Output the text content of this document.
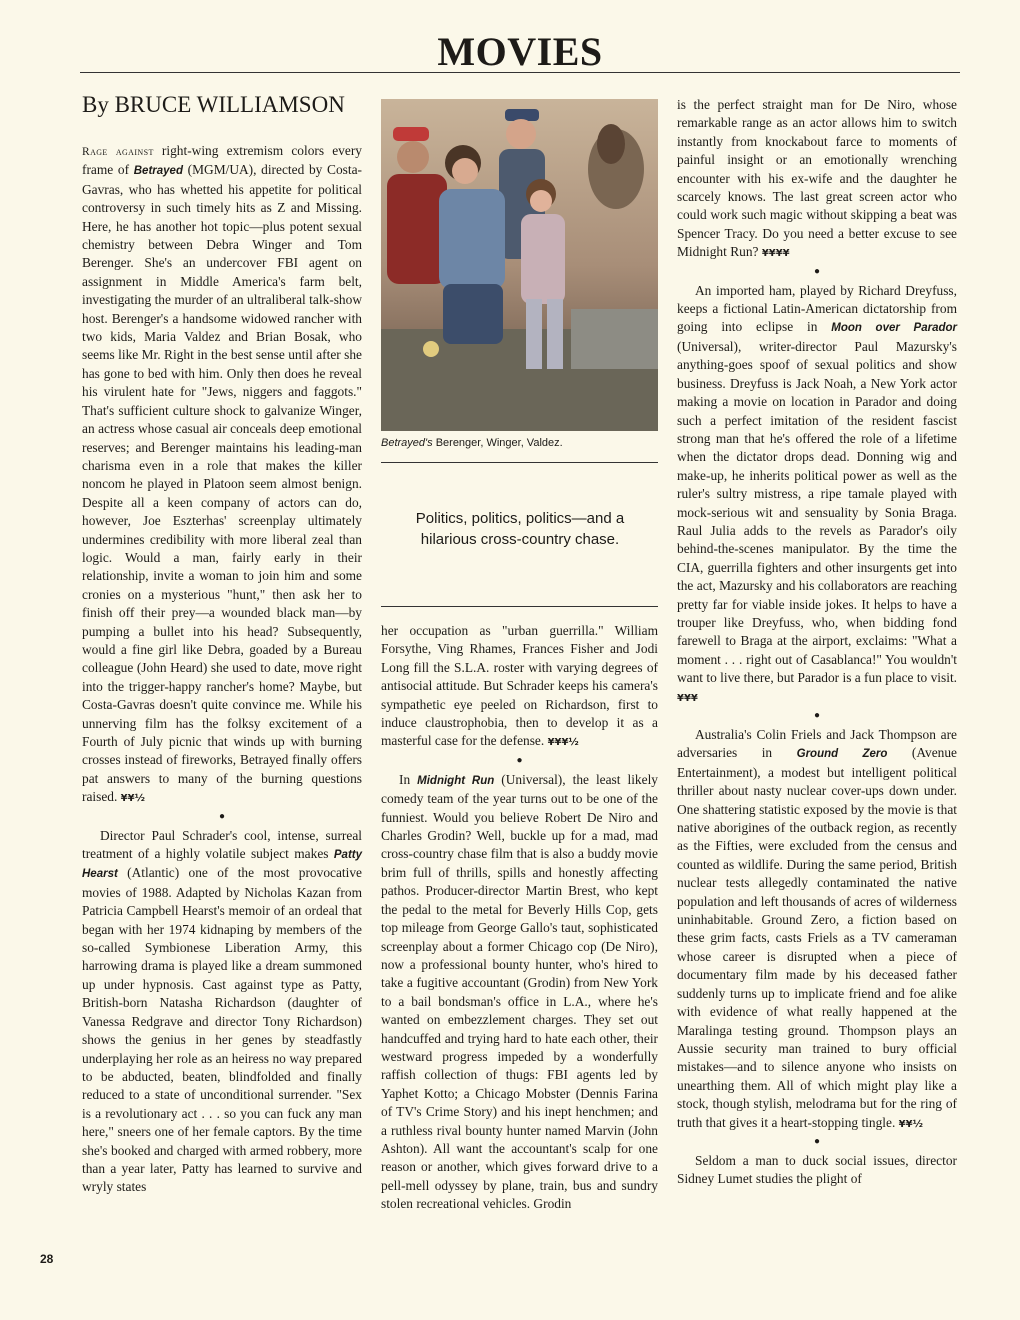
MOVIES
By BRUCE WILLIAMSON

Rage against right-wing extremism colors every frame of Betrayed (MGM/UA), directed by Costa-Gavras, who has whetted his appetite for political controversy in such timely hits as Z and Missing. Here, he has another hot topic—plus potent sexual chemistry between Debra Winger and Tom Berenger. She's an undercover FBI agent on assignment in Middle America's farm belt, investigating the murder of an ultraliberal talk-show host. Berenger's a handsome widowed rancher with two kids, Maria Valdez and Brian Bosak, who seems like Mr. Right in the best sense until after she has gone to bed with him. Only then does he reveal his virulent hate for "Jews, niggers and faggots." That's sufficient culture shock to galvanize Winger, an actress whose casual air conceals deep emotional reserves; and Berenger maintains his leading-man charisma even in a role that makes the killer noncom he played in Platoon seem almost benign. Despite all a keen company of actors can do, however, Joe Eszterhas' screenplay ultimately undermines credibility with more liberal zeal than logic. Would a man, fairly early in their relationship, invite a woman to join him and some cronies on a mysterious "hunt," then ask her to finish off their prey—a wounded black man—by pumping a bullet into his head? Subsequently, would a fine girl like Debra, goaded by a Bureau colleague (John Heard) she used to date, move right into the trigger-happy rancher's home? Maybe, but Costa-Gavras doesn't quite convince me. While his unnerving film has the folksy excitement of a Fourth of July picnic that winds up with burning crosses instead of fireworks, Betrayed finally offers pat answers to many of the burning questions raised. ¥¥½

●

Director Paul Schrader's cool, intense, surreal treatment of a highly volatile subject makes Patty Hearst (Atlantic) one of the most provocative movies of 1988. Adapted by Nicholas Kazan from Patricia Campbell Hearst's memoir of an ordeal that began with her 1974 kidnaping by members of the so-called Symbionese Liberation Army, this harrowing drama is played like a dream summoned up under hypnosis. Cast against type as Patty, British-born Natasha Richardson (daughter of Vanessa Redgrave and director Tony Richardson) shows the genius in her genes by steadfastly underplaying her role as an heiress no way prepared to be abducted, beaten, blindfolded and finally reduced to a state of unconditional surrender. "Sex is a revolutionary act . . . so you can fuck any man here," sneers one of her female captors. By the time she's booked and charged with armed robbery, more than a year later, Patty has learned to survive and wryly states

Betrayed's Berenger, Winger, Valdez.
Politics, politics, politics—and a hilarious cross-country chase.

her occupation as "urban guerrilla." William Forsythe, Ving Rhames, Frances Fisher and Jodi Long fill the S.L.A. roster with varying degrees of antisocial attitude. But Schrader keeps his camera's sympathetic eye peeled on Richardson, first to induce claustrophobia, then to develop it as a masterful case for the defense. ¥¥¥½

●

In Midnight Run (Universal), the least likely comedy team of the year turns out to be one of the funniest. Would you believe Robert De Niro and Charles Grodin? Well, buckle up for a mad, mad cross-country chase film that is also a buddy movie brim full of thrills, spills and honestly affecting pathos. Producer-director Martin Brest, who kept the pedal to the metal for Beverly Hills Cop, gets top mileage from George Gallo's taut, sophisticated screenplay about a former Chicago cop (De Niro), now a professional bounty hunter, who's hired to take a fugitive accountant (Grodin) from New York to a bail bondsman's office in L.A., where he's wanted on embezzlement charges. They set out handcuffed and trying hard to hate each other, their westward progress impeded by a wonderfully raffish collection of thugs: FBI agents led by Yaphet Kotto; a Chicago Mobster (Dennis Farina of TV's Crime Story) and his inept henchmen; and a ruthless rival bounty hunter named Marvin (John Ashton). All want the accountant's scalp for one reason or another, which gives forward drive to a pell-mell odyssey by plane, train, bus and sundry stolen recreational vehicles. Grodin

is the perfect straight man for De Niro, whose remarkable range as an actor allows him to switch instantly from knockabout farce to moments of painful insight or an emotionally wrenching encounter with his ex-wife and the daughter he scarcely knows. The last great screen actor who could work such magic without skipping a beat was Spencer Tracy. Do you need a better excuse to see Midnight Run? ¥¥¥¥

●

An imported ham, played by Richard Dreyfuss, keeps a fictional Latin-American dictatorship from going into eclipse in Moon over Parador (Universal), writer-director Paul Mazursky's anything-goes spoof of sexual politics and show business. Dreyfuss is Jack Noah, a New York actor making a movie on location in Parador and doing such a perfect imitation of the resident fascist strong man that he's offered the role of a lifetime when the dictator drops dead. Donning wig and make-up, he inherits political power as well as the ruler's sultry mistress, a ripe tamale played with mock-serious wit and sensuality by Sonia Braga. Raul Julia adds to the revels as Parador's oily behind-the-scenes manipulator. By the time the CIA, guerrilla fighters and other insurgents get into the act, Mazursky and his collaborators are reaching pretty far for viable inside jokes. It helps to have a trouper like Dreyfuss, who, when bidding fond farewell to Braga at the airport, exclaims: "What a moment . . . right out of Casablanca!" You wouldn't want to live there, but Parador is a fun place to visit. ¥¥¥

●

Australia's Colin Friels and Jack Thompson are adversaries in Ground Zero (Avenue Entertainment), a modest but intelligent political thriller about nasty nuclear cover-ups down under. One shattering statistic exposed by the movie is that native aborigines of the outback region, as recently as the Fifties, were excluded from the census and counted as wildlife. During the same period, British nuclear tests allegedly contaminated the native population and left thousands of acres of wilderness uninhabitable. Ground Zero, a fiction based on these grim facts, casts Friels as a TV cameraman whose career is disrupted when a piece of documentary film made by his deceased father suddenly turns up to implicate friend and foe alike with evidence of what really happened at the Maralinga testing ground. Thompson plays an Aussie security man trained to bury official mistakes—and to silence anyone who insists on unearthing them. All of which might play like a stock, though stylish, melodrama but for the ring of truth that gives it a heart-stopping tingle. ¥¥½

●

Seldom a man to duck social issues, director Sidney Lumet studies the plight of

28
